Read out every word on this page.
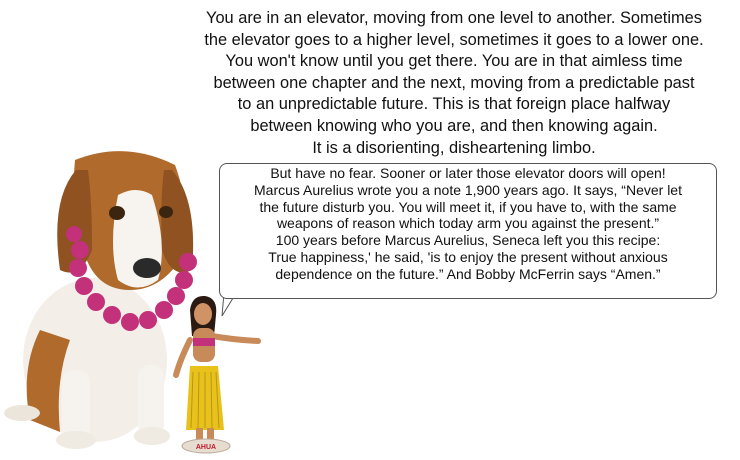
You are in an elevator, moving from one level to another. Sometimes
the elevator goes to a higher level, sometimes it goes to a lower one.
You won't know until you get there. You are in that aimless time
between one chapter and the next, moving from a predictable past
to an unpredictable future. This is that foreign place halfway
between knowing who you are, and then knowing again.
It is a disorienting, disheartening limbo.
AHUA
But have no fear. Sooner or later those elevator doors will open!
Marcus Aurelius wrote you a note 1,900 years ago. It says, “Never let
the future disturb you. You will meet it, if you have to, with the same
weapons of reason which today arm you against the present.”
100 years before Marcus Aurelius, Seneca left you this recipe:
True happiness,' he said, 'is to enjoy the present without anxious
dependence on the future.” And Bobby McFerrin says “Amen.”
